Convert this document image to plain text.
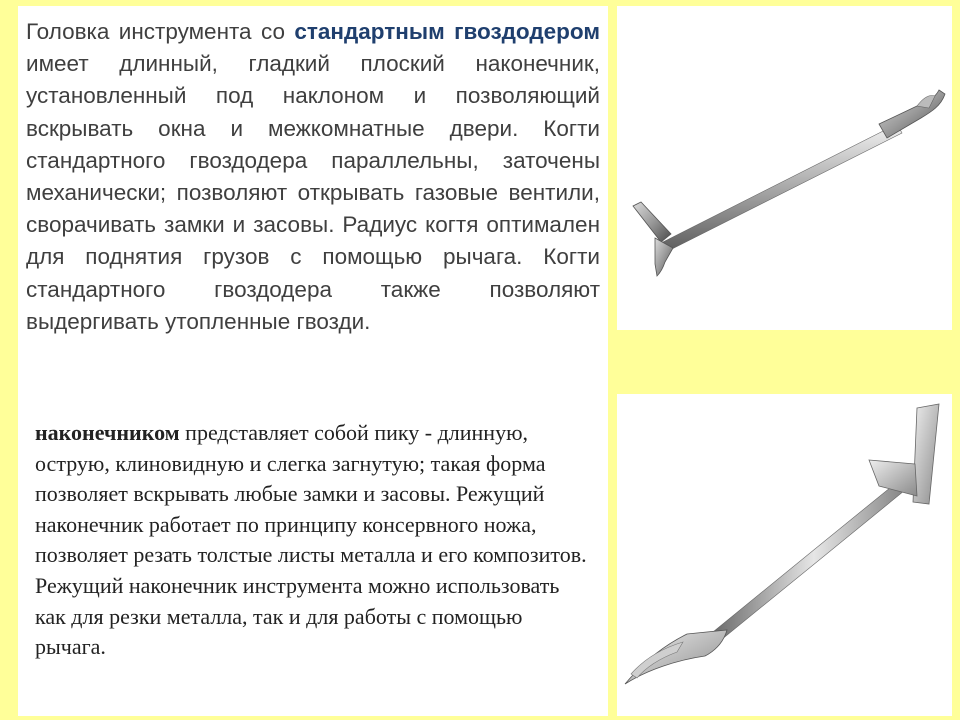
Головка инструмента со стандартным гвоздодером имеет длинный, гладкий плоский наконечник, установленный под наклоном и позволяющий вскрывать окна и межкомнатные двери. Когти стандартного гвоздодера параллельны, заточены механически; позволяют открывать газовые вентили, сворачивать замки и засовы. Радиус когтя оптимален для поднятия грузов с помощью рычага. Когти стандартного гвоздодера также позволяют выдергивать утопленные гвозди.

наконечником представляет собой пику - длинную, острую, клиновидную и слегка загнутую; такая форма позволяет вскрывать любые замки и засовы. Режущий наконечник работает по принципу консервного ножа, позволяет резать толстые листы металла и его композитов. Режущий наконечник инструмента можно использовать как для резки металла, так и для работы с помощью рычага.
